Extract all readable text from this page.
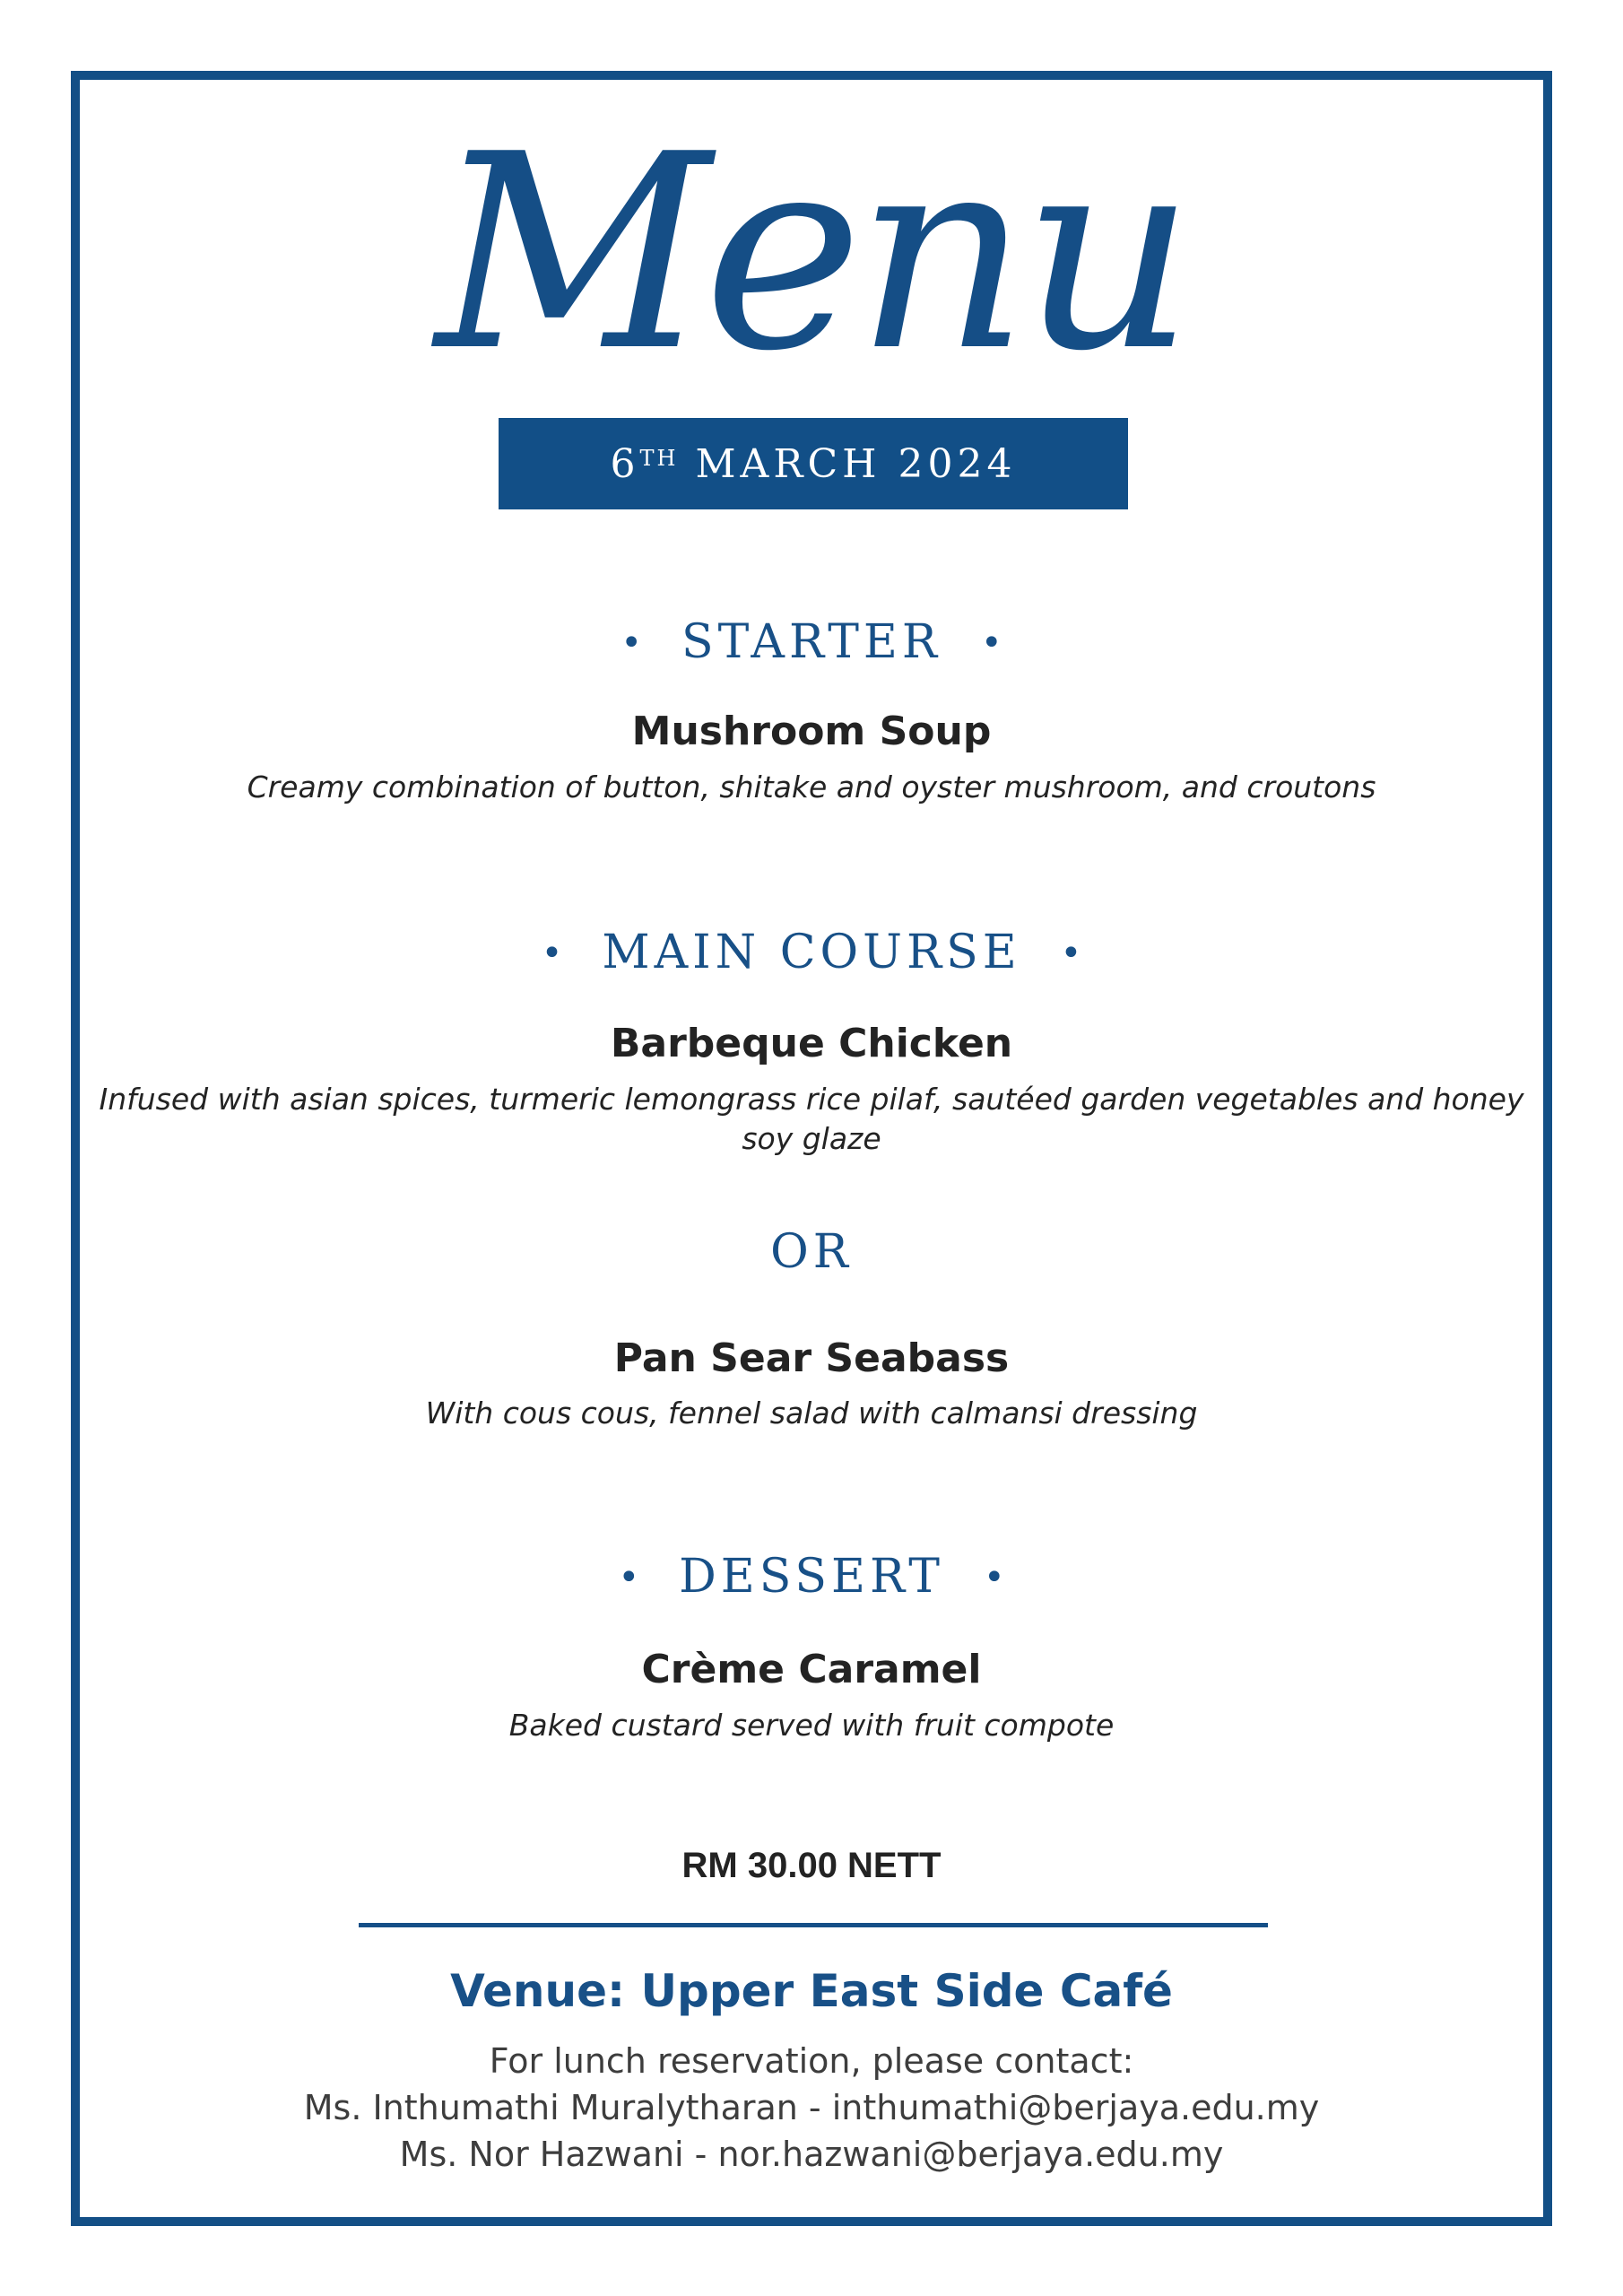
Menu
6TH
MARCH 2024
• STARTER •
Mushroom Soup
Creamy combination of button, shitake and oyster mushroom, and croutons
• MAIN COURSE •
Barbeque Chicken
Infused with asian spices, turmeric lemongrass rice pilaf, sautéed garden vegetables and honey
soy glaze
OR
Pan Sear Seabass
With cous cous, fennel salad with calmansi dressing
• DESSERT •
Crème Caramel
Baked custard served with fruit compote
RM 30.00 NETT
Venue: Upper East Side Café
For lunch reservation, please contact:
Ms. Inthumathi Muralytharan - inthumathi@berjaya.edu.my
Ms. Nor Hazwani - nor.hazwani@berjaya.edu.my
